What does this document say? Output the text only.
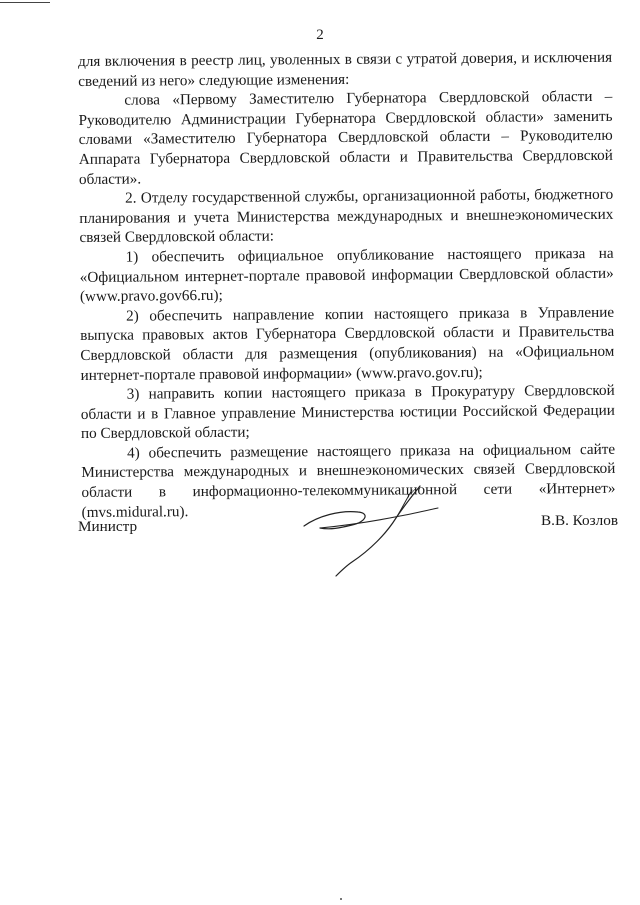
2

для включения в реестр лиц, уволенных в связи с утратой доверия, и исключения сведений из него» следующие изменения:

слова «Первому Заместителю Губернатора Свердловской области – Руководителю Администрации Губернатора Свердловской области» заменить словами «Заместителю Губернатора Свердловской области – Руководителю Аппарата Губернатора Свердловской области и Правительства Свердловской области».

2. Отделу государственной службы, организационной работы, бюджетного планирования и учета Министерства международных и внешнеэкономических связей Свердловской области:

1) обеспечить официальное опубликование настоящего приказа на «Официальном интернет-портале правовой информации Свердловской области» (www.pravo.gov66.ru);

2) обеспечить направление копии настоящего приказа в Управление выпуска правовых актов Губернатора Свердловской области и Правительства Свердловской области для размещения (опубликования) на «Официальном интернет-портале правовой информации» (www.pravo.gov.ru);

3) направить копии настоящего приказа в Прокуратуру Свердловской области и в Главное управление Министерства юстиции Российской Федерации по Свердловской области;

4) обеспечить размещение настоящего приказа на официальном сайте Министерства международных и внешнеэкономических связей Свердловской области в информационно-телекоммуникационной сети «Интернет» (mvs.midural.ru).

Министр	В.В. Козлов
